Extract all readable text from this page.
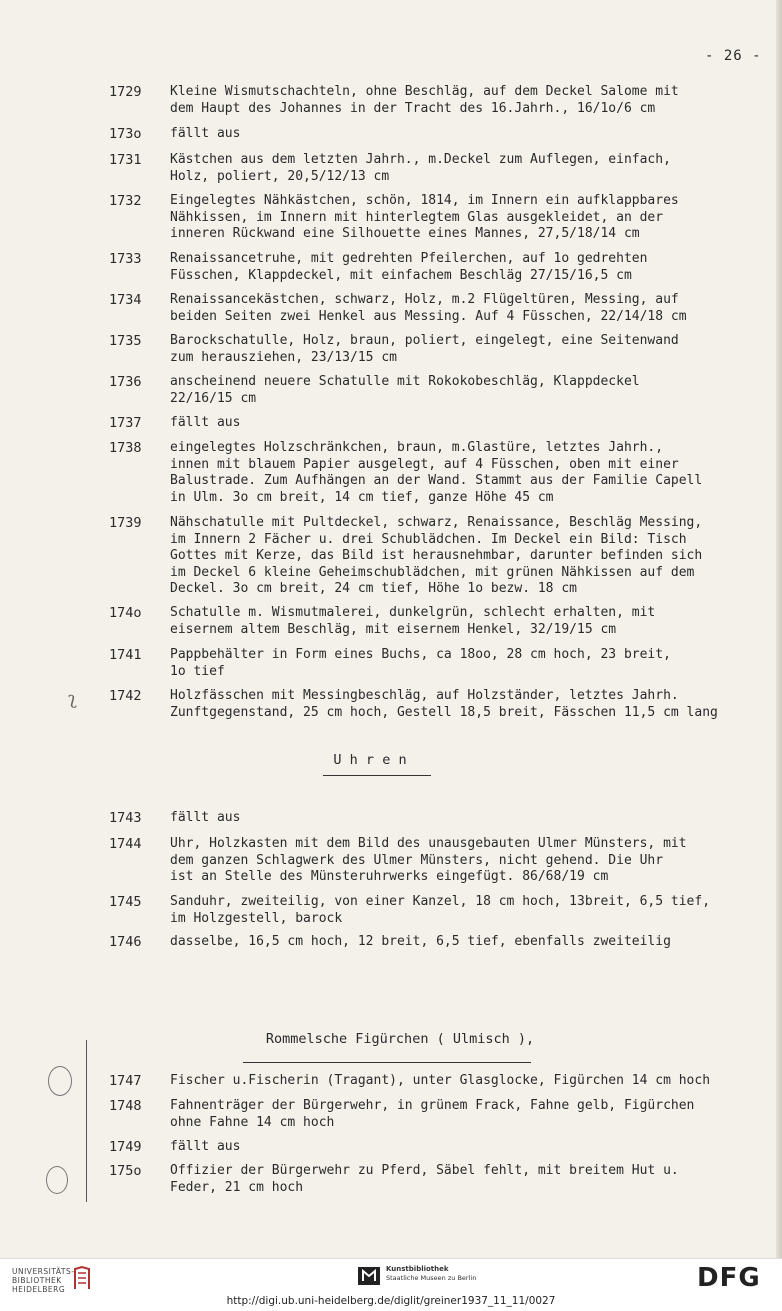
- 26 -
1729 Kleine Wismutschachteln, ohne Beschläg, auf dem Deckel Salome mit
dem Haupt des Johannes in der Tracht des 16.Jahrh., 16/1o/6 cm
173o fällt aus
1731 Kästchen aus dem letzten Jahrh., m.Deckel zum Auflegen, einfach,
Holz, poliert, 20,5/12/13 cm
1732 Eingelegtes Nähkästchen, schön, 1814, im Innern ein aufklappbares
Nähkissen, im Innern mit hinterlegtem Glas ausgekleidet, an der
inneren Rückwand eine Silhouette eines Mannes, 27,5/18/14 cm
1733 Renaissancetruhe, mit gedrehten Pfeilerchen, auf 1o gedrehten
Füsschen, Klappdeckel, mit einfachem Beschläg 27/15/16,5 cm
1734 Renaissancekästchen, schwarz, Holz, m.2 Flügeltüren, Messing, auf
beiden Seiten zwei Henkel aus Messing. Auf 4 Füsschen, 22/14/18 cm
1735 Barockschatulle, Holz, braun, poliert, eingelegt, eine Seitenwand
zum herausziehen, 23/13/15 cm
1736 anscheinend neuere Schatulle mit Rokokobeschläg, Klappdeckel
22/16/15 cm
1737 fällt aus
1738 eingelegtes Holzschränkchen, braun, m.Glastüre, letztes Jahrh.,
innen mit blauem Papier ausgelegt, auf 4 Füsschen, oben mit einer
Balustrade. Zum Aufhängen an der Wand. Stammt aus der Familie Capell
in Ulm. 3o cm breit, 14 cm tief, ganze Höhe 45 cm
1739 Nähschatulle mit Pultdeckel, schwarz, Renaissance, Beschläg Messing,
im Innern 2 Fächer u. drei Schublädchen. Im Deckel ein Bild: Tisch
Gottes mit Kerze, das Bild ist herausnehmbar, darunter befinden sich
im Deckel 6 kleine Geheimschublädchen, mit grünen Nähkissen auf dem
Deckel. 3o cm breit, 24 cm tief, Höhe 1o bezw. 18 cm
174o Schatulle m. Wismutmalerei, dunkelgrün, schlecht erhalten, mit
eisernem altem Beschläg, mit eisernem Henkel, 32/19/15 cm
1741 Pappbehälter in Form eines Buchs, ca 18oo, 28 cm hoch, 23 breit,
1o tief
1742 Holzfässchen mit Messingbeschläg, auf Holzständer, letztes Jahrh.
Zunftgegenstand, 25 cm hoch, Gestell 18,5 breit, Fässchen 11,5 cm lang
ʅ
U h r e n
1743 fällt aus
1744 Uhr, Holzkasten mit dem Bild des unausgebauten Ulmer Münsters, mit
dem ganzen Schlagwerk des Ulmer Münsters, nicht gehend. Die Uhr
ist an Stelle des Münsteruhrwerks eingefügt. 86/68/19 cm
1745 Sanduhr, zweiteilig, von einer Kanzel, 18 cm hoch, 13breit, 6,5 tief,
im Holzgestell, barock
1746 dasselbe, 16,5 cm hoch, 12 breit, 6,5 tief, ebenfalls zweiteilig
Rommelsche Figürchen ( Ulmisch ),
1747 Fischer u.Fischerin (Tragant), unter Glasglocke, Figürchen 14 cm hoch
1748 Fahnenträger der Bürgerwehr, in grünem Frack, Fahne gelb, Figürchen
ohne Fahne 14 cm hoch
1749 fällt aus
175o Offizier der Bürgerwehr zu Pferd, Säbel fehlt, mit breitem Hut u.
Feder, 21 cm hoch
UNIVERSITÄTS-
BIBLIOTHEK
HEIDELBERG
Kunstbibliothek
Staatliche Museen zu Berlin	DFG
http://digi.ub.uni-heidelberg.de/diglit/greiner1937_11_11/0027
